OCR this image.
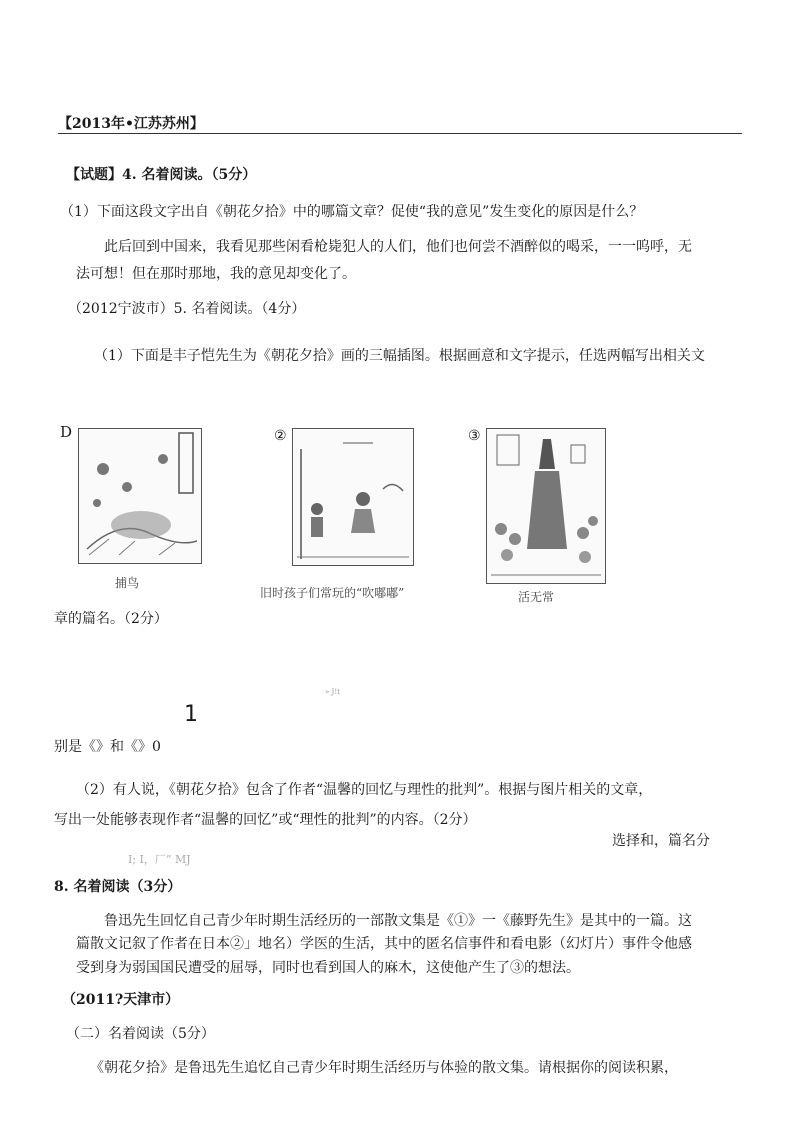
【2013年•江苏苏州】
【试题】4. 名着阅读。（5分）
（1）下面这段文字出自《朝花夕拾》中的哪篇文章？促使“我的意见”发生变化的原因是什么？
此后回到中国来，我看见那些闲看枪毙犯人的人们，他们也何尝不酒醉似的喝采，一一呜呼，无
法可想！但在那时那地，我的意见却变化了。
（2012宁波市）5. 名着阅读。（4分）
（1）下面是丰子恺先生为《朝花夕拾》画的三幅插图。根据画意和文字提示，任选两幅写出相关文
D
捕鸟
②
旧时孩子们常玩的“吹嘟嘟”
③
活无常
章的篇名。（2分）
» J!t
1
别是《》和《》0
（2）有人说，《朝花夕拾》包含了作者“温馨的回忆与理性的批判”。根据与图片相关的文章，
写出一处能够表现作者“温馨的回忆”或“理性的批判”的内容。（2分）
选择和，篇名分
I; I，厂” MJ
8. 名着阅读（3分）
鲁迅先生回忆自己青少年时期生活经历的一部散文集是《①》一《藤野先生》是其中的一篇。这
篇散文记叙了作者在日本②」地名）学医的生活，其中的匿名信事件和看电影（幻灯片）事件令他感
受到身为弱国国民遭受的屈辱，同时也看到国人的麻木，这使他产生了③的想法。
（2011?天津市）
（二）名着阅读（5分）
《朝花夕拾》是鲁迅先生追忆自己青少年时期生活经历与体验的散文集。请根据你的阅读积累，
